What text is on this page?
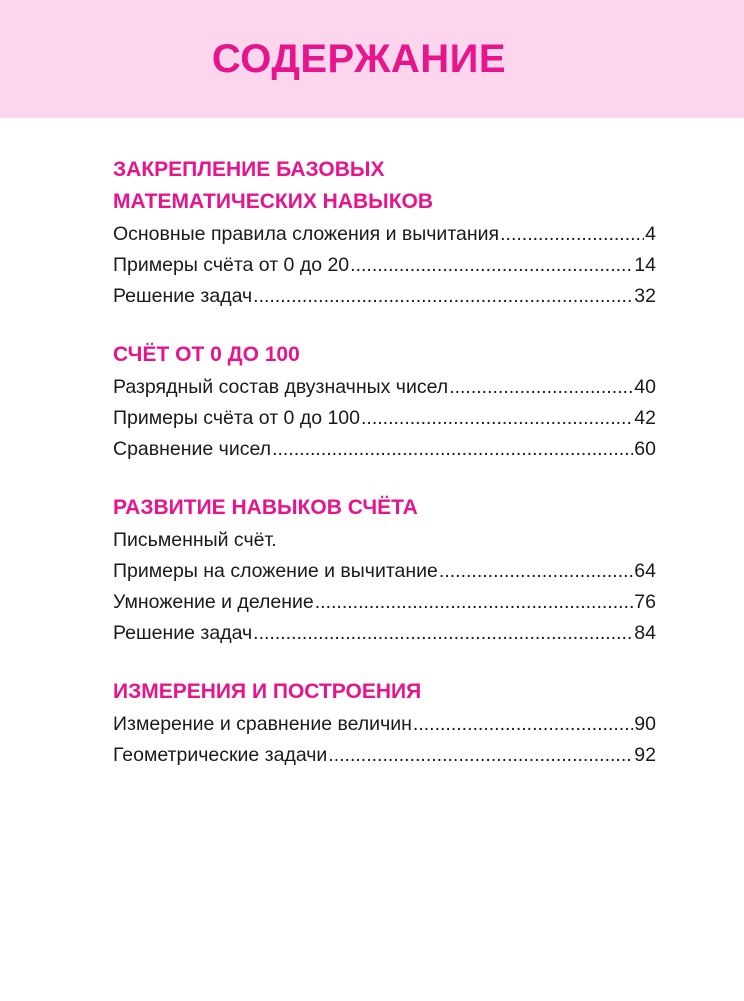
СОДЕРЖАНИЕ
ЗАКРЕПЛЕНИЕ БАЗОВЫХ
МАТЕМАТИЧЕСКИХ НАВЫКОВ
Основные правила сложения и вычитания .....	4
Примеры счёта от 0 до 20 .....	14
Решение задач .....	32
СЧЁТ ОТ 0 ДО 100
Разрядный состав двузначных чисел .....	40
Примеры счёта от 0 до 100 .....	42
Сравнение чисел .....	60
РАЗВИТИЕ НАВЫКОВ СЧЁТА
Письменный счёт.
Примеры на сложение и вычитание .....	64
Умножение и деление .....	76
Решение задач .....	84
ИЗМЕРЕНИЯ И ПОСТРОЕНИЯ
Измерение и сравнение величин .....	90
Геометрические задачи .....	92
